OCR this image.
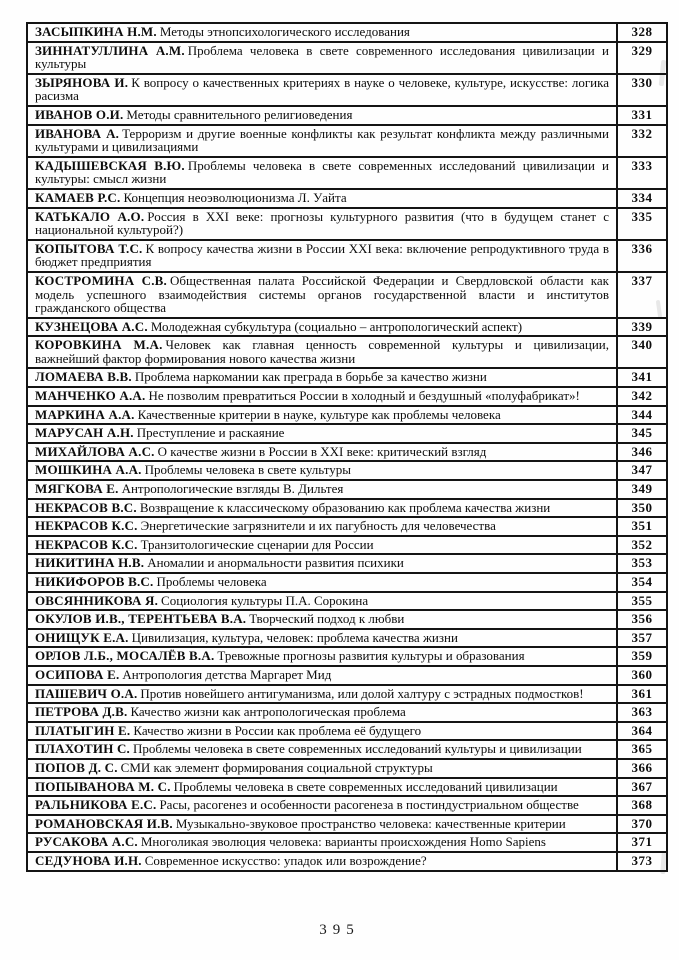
ЗАСЫПКИНА Н.М. Методы этнопсихологического исследования	328
ЗИННАТУЛЛИНА А.М. Проблема человека в свете современного исследования цивилизации и культуры	329
ЗЫРЯНОВА И. К вопросу о качественных критериях в науке о человеке, культуре, искусстве: логика расизма	330
ИВАНОВ О.И. Методы сравнительного религиоведения	331
ИВАНОВА А. Терроризм и другие военные конфликты как результат конфликта между различными культурами и цивилизациями	332
КАДЫШЕВСКАЯ В.Ю. Проблемы человека в свете современных исследований цивилизации и культуры: смысл жизни	333
КАМАЕВ Р.С. Концепция неоэволюционизма Л. Уайта	334
КАТЬКАЛО А.О. Россия в XXI веке: прогнозы культурного развития (что в будущем станет с национальной культурой?)	335
КОПЫТОВА Т.С. К вопросу качества жизни в России XXI века: включение репродуктивного труда в бюджет предприятия	336
КОСТРОМИНА С.В. Общественная палата Российской Федерации и Свердловской области как модель успешного взаимодействия системы органов государственной власти и институтов гражданского общества	337
КУЗНЕЦОВА А.С. Молодежная субкультура (социально – антропологический аспект)	339
КОРОВКИНА М.А. Человек как главная ценность современной культуры и цивилизации, важнейший фактор формирования нового качества жизни	340
ЛОМАЕВА В.В. Проблема наркомании как преграда в борьбе за качество жизни	341
МАНЧЕНКО А.А. Не позволим превратиться России в холодный и бездушный «полуфабрикат»!	342
МАРКИНА А.А. Качественные критерии в науке, культуре как проблемы человека	344
МАРУСАН А.Н. Преступление и раскаяние	345
МИХАЙЛОВА А.С. О качестве жизни в России в XXI веке: критический взгляд	346
МОШКИНА А.А. Проблемы человека в свете культуры	347
МЯГКОВА Е. Антропологические взгляды В. Дильтея	349
НЕКРАСОВ В.С. Возвращение к классическому образованию как проблема качества жизни	350
НЕКРАСОВ К.С. Энергетические загрязнители и их пагубность для человечества	351
НЕКРАСОВ К.С. Транзитологические сценарии для России	352
НИКИТИНА Н.В. Аномалии и анормальности развития психики	353
НИКИФОРОВ В.С. Проблемы человека	354
ОВСЯННИКОВА Я. Социология культуры П.А. Сорокина	355
ОКУЛОВ И.В., ТЕРЕНТЬЕВА В.А. Творческий подход к любви	356
ОНИЩУК Е.А. Цивилизация, культура, человек: проблема качества жизни	357
ОРЛОВ Л.Б., МОСАЛЁВ В.А. Тревожные прогнозы развития культуры и образования	359
ОСИПОВА Е. Антропология детства Маргарет Мид	360
ПАШЕВИЧ О.А. Против новейшего антигуманизма, или долой халтуру с эстрадных подмостков!	361
ПЕТРОВА Д.В. Качество жизни как антропологическая проблема	363
ПЛАТЫГИН Е. Качество жизни в России как проблема её будущего	364
ПЛАХОТИН С. Проблемы человека в свете современных исследований культуры и цивилизации	365
ПОПОВ Д. С. СМИ как элемент формирования социальной структуры	366
ПОПЫВАНОВА М. С. Проблемы человека в свете современных исследований цивилизации	367
РАЛЬНИКОВА Е.С. Расы, расогенез и особенности расогенеза в постиндустриальном обществе	368
РОМАНОВСКАЯ И.В. Музыкально-звуковое пространство человека: качественные критерии	370
РУСАКОВА А.С. Многоликая эволюция человека: варианты происхождения Homo Sapiens	371
СЕДУНОВА И.Н. Современное искусство: упадок или возрождение?	373
395
